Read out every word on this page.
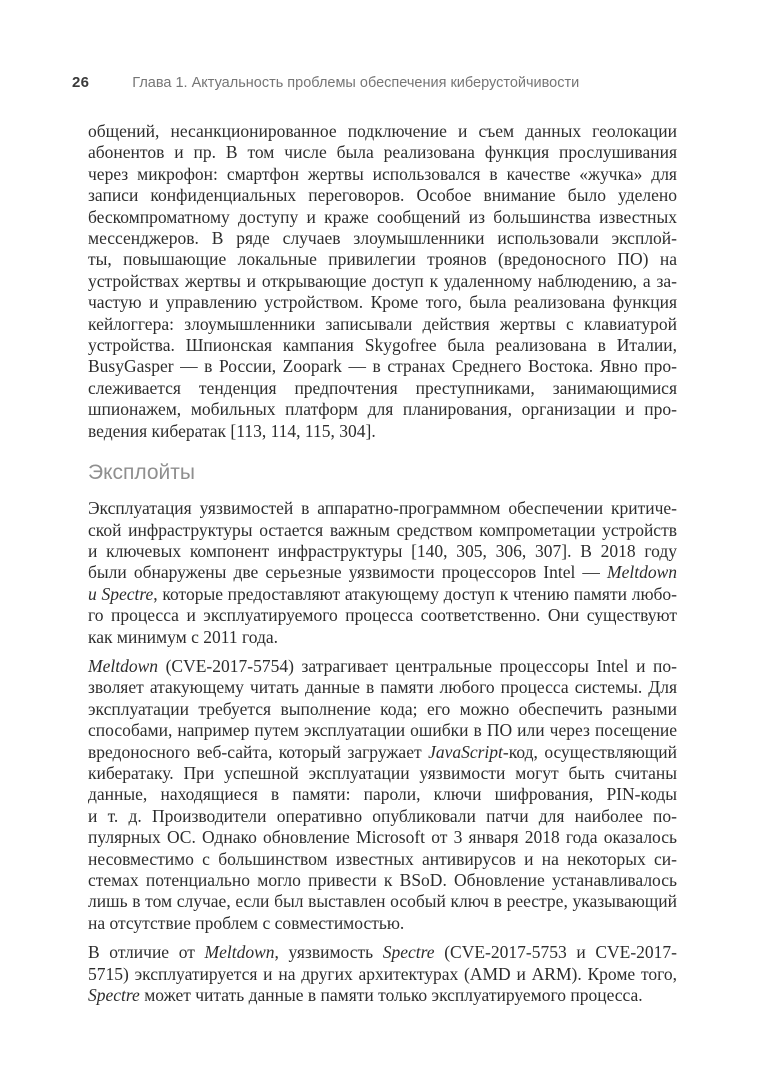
26	Глава 1. Актуальность проблемы обеспечения киберустойчивости
общений, несанкционированное подключение и съем данных геолокации
абонентов и пр. В том числе была реализована функция прослушивания
через микрофон: смартфон жертвы использовался в качестве «жучка» для
записи конфиденциальных переговоров. Особое внимание было уделено
бескомпроматному доступу и краже сообщений из большинства известных
мессенджеров. В ряде случаев злоумышленники использовали эксплой-
ты, повышающие локальные привилегии троянов (вредоносного ПО) на
устройствах жертвы и открывающие доступ к удаленному наблюдению, а за-
частую и управлению устройством. Кроме того, была реализована функция
кейлоггера: злоумышленники записывали действия жертвы с клавиатурой
устройства. Шпионская кампания Skygofree была реализована в Италии,
BusyGasper — в России, Zoopark — в странах Среднего Востока. Явно про-
слеживается тенденция предпочтения преступниками, занимающимися
шпионажем, мобильных платформ для планирования, организации и про-
ведения кибератак [113, 114, 115, 304].
Эксплойты
Эксплуатация уязвимостей в аппаратно-программном обеспечении критиче-
ской инфраструктуры остается важным средством компрометации устройств
и ключевых компонент инфраструктуры [140, 305, 306, 307]. В 2018 году
были обнаружены две серьезные уязвимости процессоров Intel — Meltdown
и Spectre, которые предоставляют атакующему доступ к чтению памяти любо-
го процесса и эксплуатируемого процесса соответственно. Они существуют
как минимум с 2011 года.
Meltdown (CVE-2017-5754) затрагивает центральные процессоры Intel и по-
зволяет атакующему читать данные в памяти любого процесса системы. Для
эксплуатации требуется выполнение кода; его можно обеспечить разными
способами, например путем эксплуатации ошибки в ПО или через посещение
вредоносного веб-сайта, который загружает JavaScript-код, осуществляющий
кибератаку. При успешной эксплуатации уязвимости могут быть считаны
данные, находящиеся в памяти: пароли, ключи шифрования, PIN-коды
и т. д. Производители оперативно опубликовали патчи для наиболее по-
пулярных ОС. Однако обновление Microsoft от 3 января 2018 года оказалось
несовместимо с большинством известных антивирусов и на некоторых си-
стемах потенциально могло привести к BSoD. Обновление устанавливалось
лишь в том случае, если был выставлен особый ключ в реестре, указывающий
на отсутствие проблем с совместимостью.
В отличие от Meltdown, уязвимость Spectre (CVE-2017-5753 и CVE-2017-
5715) эксплуатируется и на других архитектурах (AMD и ARM). Кроме того,
Spectre может читать данные в памяти только эксплуатируемого процесса.
